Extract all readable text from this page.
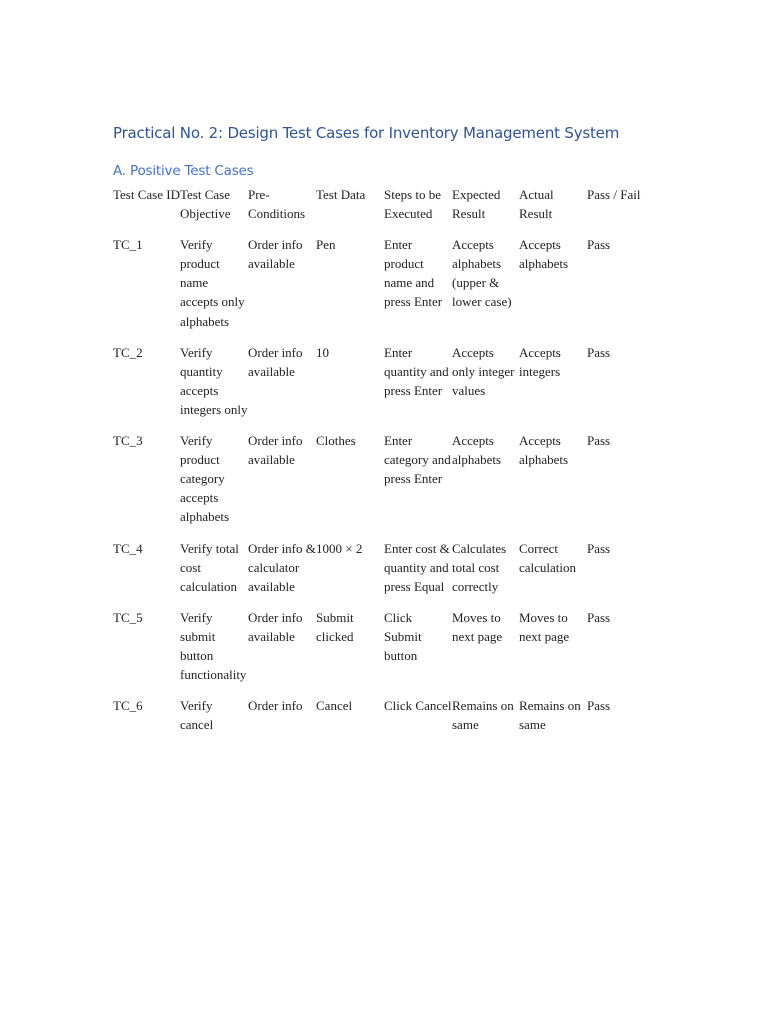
Practical No. 2: Design Test Cases for Inventory Management System
A. Positive Test Cases
Test Case ID	Test Case Objective	Pre-Conditions	Test Data	Steps to be Executed	Expected Result	Actual Result	Pass / Fail
TC_1	Verify product name accepts only alphabets	Order info available	Pen	Enter product name and press Enter	Accepts alphabets (upper & lower case)	Accepts alphabets	Pass
TC_2	Verify quantity accepts integers only	Order info available	10	Enter quantity and press Enter	Accepts only integer values	Accepts integers	Pass
TC_3	Verify product category accepts alphabets	Order info available	Clothes	Enter category and press Enter	Accepts alphabets	Accepts alphabets	Pass
TC_4	Verify total cost calculation	Order info & calculator available	1000 × 2	Enter cost & quantity and press Equal	Calculates total cost correctly	Correct calculation	Pass
TC_5	Verify submit button functionality	Order info available	Submit clicked	Click Submit button	Moves to next page	Moves to next page	Pass
TC_6	Verify cancel	Order info	Cancel	Click Cancel	Remains on same	Remains on same	Pass
